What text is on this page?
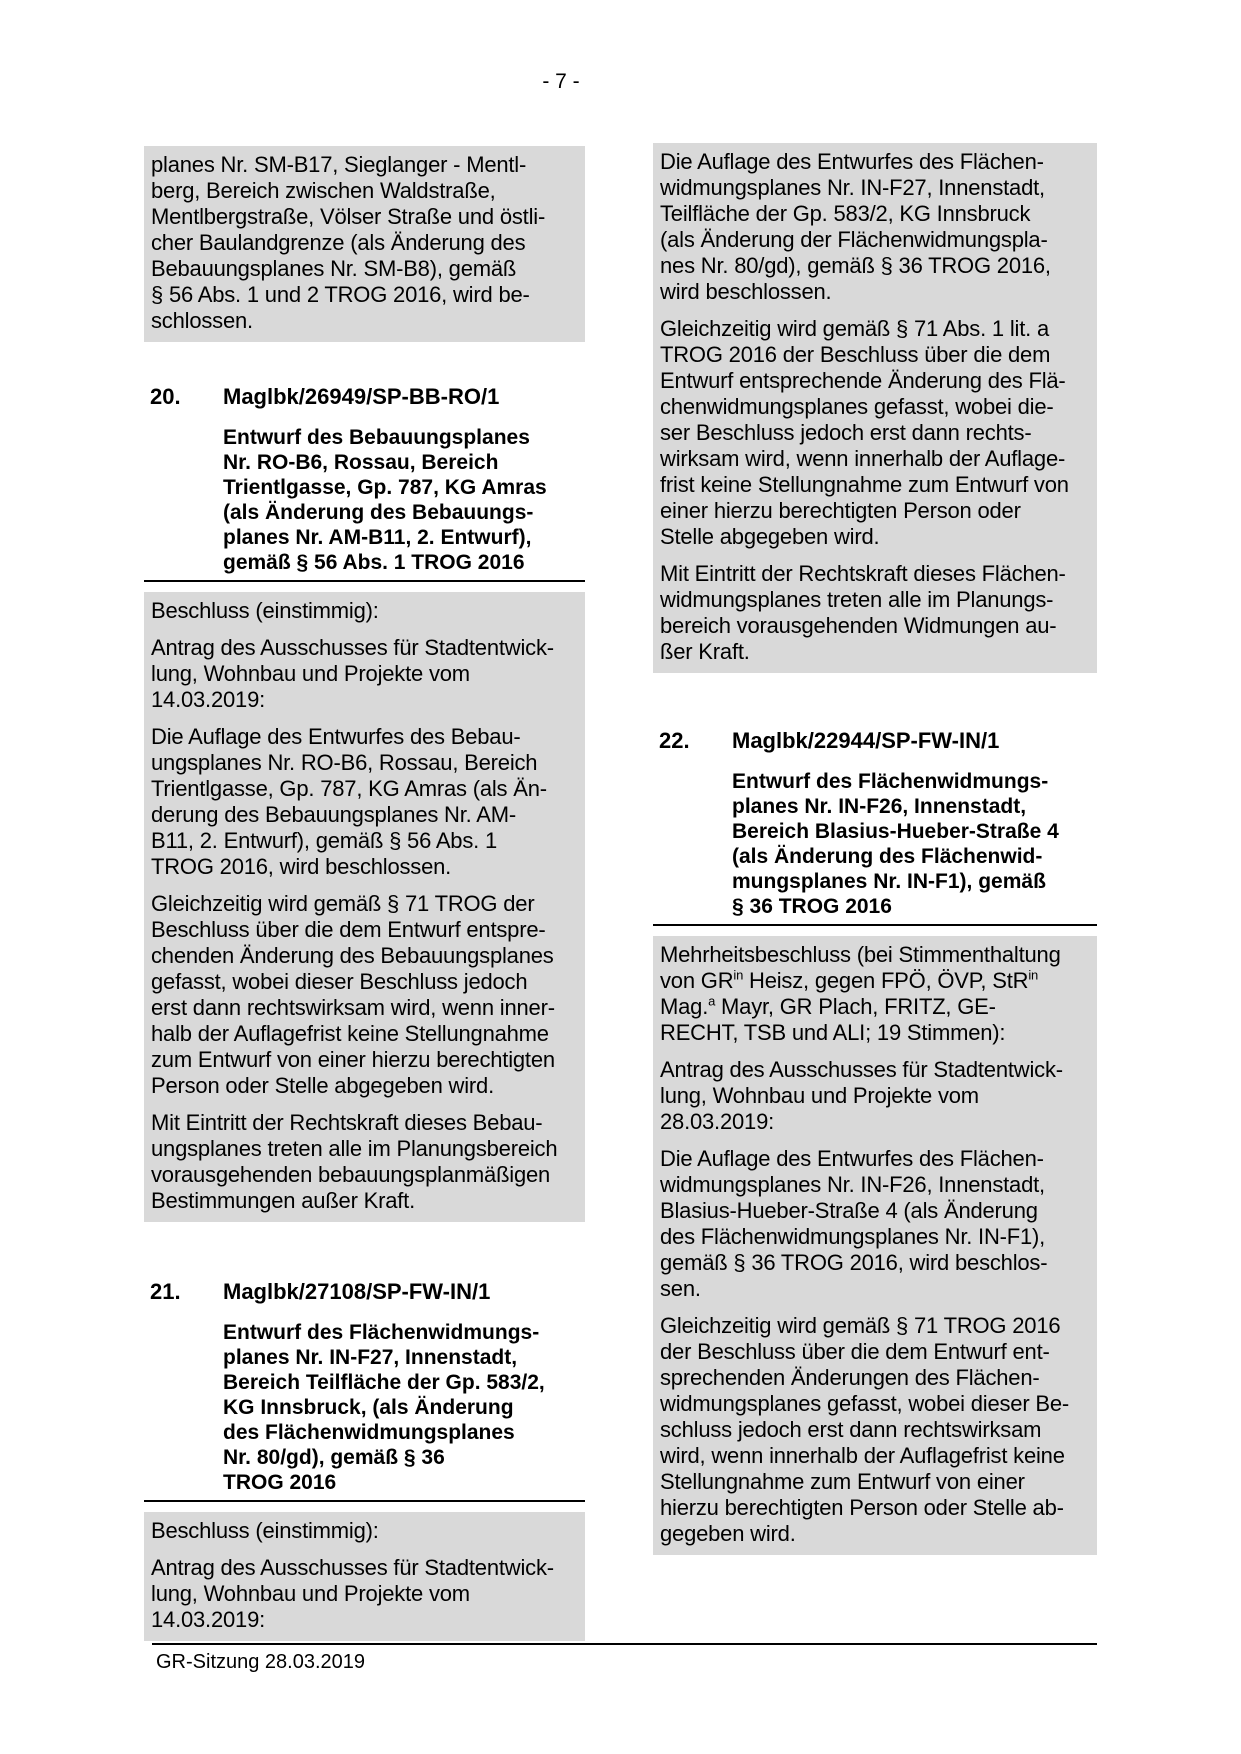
- 7 -

planes Nr. SM-B17, Sieglanger - Mentl-
berg, Bereich zwischen Waldstraße,
Mentlbergstraße, Völser Straße und östli-
cher Baulandgrenze (als Änderung des
Bebauungsplanes Nr. SM-B8), gemäß
§ 56 Abs. 1 und 2 TROG 2016, wird be-
schlossen.

20.	Maglbk/26949/SP-BB-RO/1
Entwurf des Bebauungsplanes
Nr. RO-B6, Rossau, Bereich
Trientlgasse, Gp. 787, KG Amras
(als Änderung des Bebauungs-
planes Nr. AM-B11, 2. Entwurf),
gemäß § 56 Abs. 1 TROG 2016

Beschluss (einstimmig):

Antrag des Ausschusses für Stadtentwick-
lung, Wohnbau und Projekte vom
14.03.2019:

Die Auflage des Entwurfes des Bebau-
ungsplanes Nr. RO-B6, Rossau, Bereich
Trientlgasse, Gp. 787, KG Amras (als Än-
derung des Bebauungsplanes Nr. AM-
B11, 2. Entwurf), gemäß § 56 Abs. 1
TROG 2016, wird beschlossen.

Gleichzeitig wird gemäß § 71 TROG der
Beschluss über die dem Entwurf entspre-
chenden Änderung des Bebauungsplanes
gefasst, wobei dieser Beschluss jedoch
erst dann rechtswirksam wird, wenn inner-
halb der Auflagefrist keine Stellungnahme
zum Entwurf von einer hierzu berechtigten
Person oder Stelle abgegeben wird.

Mit Eintritt der Rechtskraft dieses Bebau-
ungsplanes treten alle im Planungsbereich
vorausgehenden bebauungsplanmäßigen
Bestimmungen außer Kraft.

21.	Maglbk/27108/SP-FW-IN/1
Entwurf des Flächenwidmungs-
planes Nr. IN-F27, Innenstadt,
Bereich Teilfläche der Gp. 583/2,
KG Innsbruck, (als Änderung
des Flächenwidmungsplanes
Nr. 80/gd), gemäß § 36
TROG 2016

Beschluss (einstimmig):

Antrag des Ausschusses für Stadtentwick-
lung, Wohnbau und Projekte vom
14.03.2019:

Die Auflage des Entwurfes des Flächen-
widmungsplanes Nr. IN-F27, Innenstadt,
Teilfläche der Gp. 583/2, KG Innsbruck
(als Änderung der Flächenwidmungspla-
nes Nr. 80/gd), gemäß § 36 TROG 2016,
wird beschlossen.

Gleichzeitig wird gemäß § 71 Abs. 1 lit. a
TROG 2016 der Beschluss über die dem
Entwurf entsprechende Änderung des Flä-
chenwidmungsplanes gefasst, wobei die-
ser Beschluss jedoch erst dann rechts-
wirksam wird, wenn innerhalb der Auflage-
frist keine Stellungnahme zum Entwurf von
einer hierzu berechtigten Person oder
Stelle abgegeben wird.

Mit Eintritt der Rechtskraft dieses Flächen-
widmungsplanes treten alle im Planungs-
bereich vorausgehenden Widmungen au-
ßer Kraft.

22.	Maglbk/22944/SP-FW-IN/1
Entwurf des Flächenwidmungs-
planes Nr. IN-F26, Innenstadt,
Bereich Blasius-Hueber-Straße 4
(als Änderung des Flächenwid-
mungsplanes Nr. IN-F1), gemäß
§ 36 TROG 2016

Mehrheitsbeschluss (bei Stimmenthaltung
von $GR^{in}$ Heisz, gegen FPÖ, ÖVP, StR$^{in}$
Mag.$^a$ Mayr, GR Plach, FRITZ, GE-
RECHT, TSB und ALI; 19 Stimmen):

Antrag des Ausschusses für Stadtentwick-
lung, Wohnbau und Projekte vom
28.03.2019:

Die Auflage des Entwurfes des Flächen-
widmungsplanes Nr. IN-F26, Innenstadt,
Blasius-Hueber-Straße 4 (als Änderung
des Flächenwidmungsplanes Nr. IN-F1),
gemäß § 36 TROG 2016, wird beschlos-
sen.

Gleichzeitig wird gemäß § 71 TROG 2016
der Beschluss über die dem Entwurf ent-
sprechenden Änderungen des Flächen-
widmungsplanes gefasst, wobei dieser Be-
schluss jedoch erst dann rechtswirksam
wird, wenn innerhalb der Auflagefrist keine
Stellungnahme zum Entwurf von einer
hierzu berechtigten Person oder Stelle ab-
gegeben wird.

GR-Sitzung 28.03.2019
